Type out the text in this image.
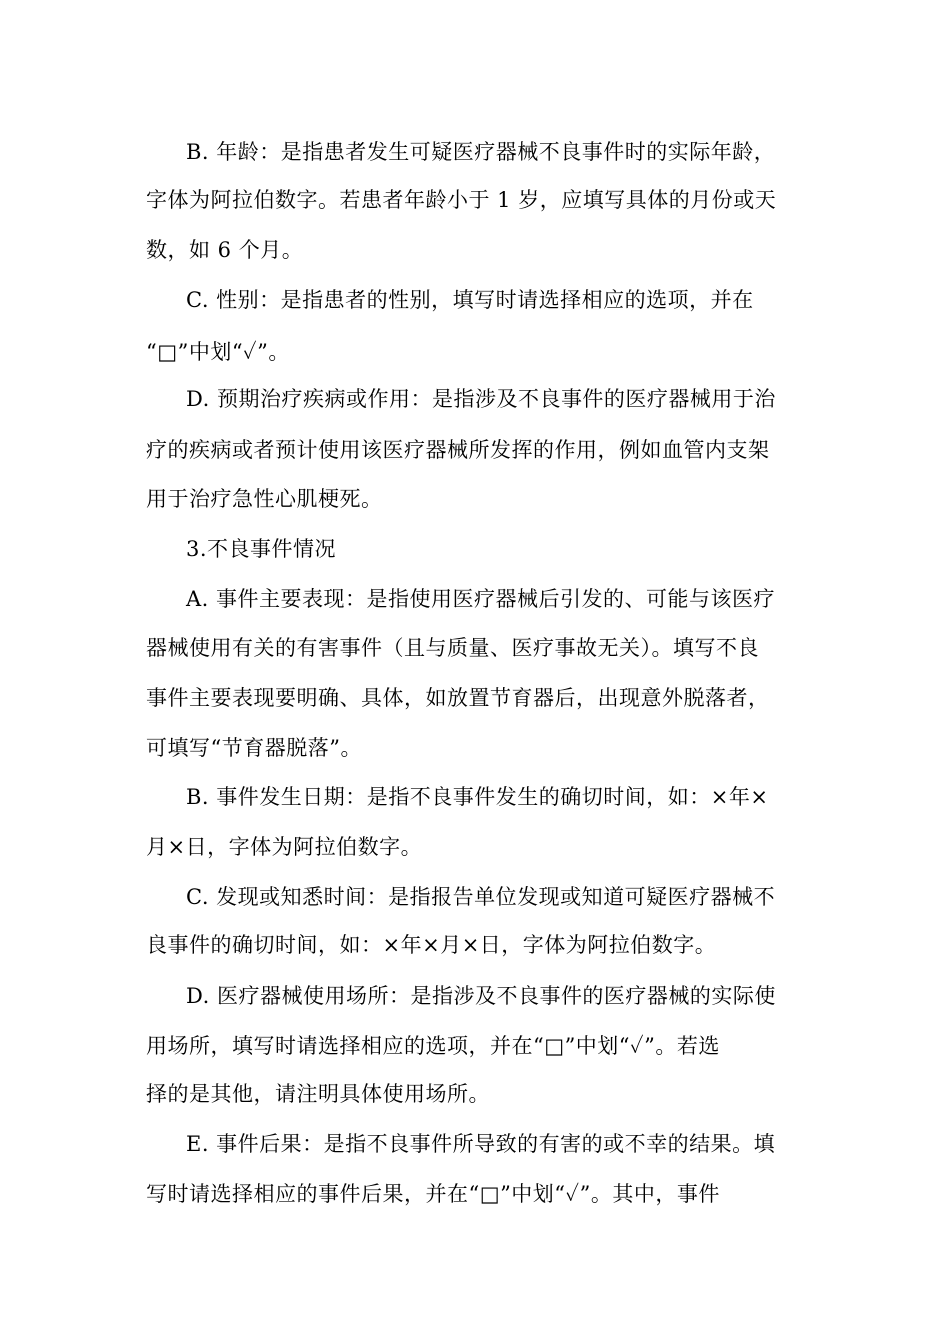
B. 年龄：是指患者发生可疑医疗器械不良事件时的实际年龄，
字体为阿拉伯数字。若患者年龄小于 1 岁，应填写具体的月份或天
数，如 6 个月。
C. 性别：是指患者的性别，填写时请选择相应的选项，并在
“□”中划“✓”。
D. 预期治疗疾病或作用：是指涉及不良事件的医疗器械用于治
疗的疾病或者预计使用该医疗器械所发挥的作用，例如血管内支架
用于治疗急性心肌梗死。
3.不良事件情况
A. 事件主要表现：是指使用医疗器械后引发的、可能与该医疗
器械使用有关的有害事件（且与质量、医疗事故无关）。填写不良
事件主要表现要明确、具体，如放置节育器后，出现意外脱落者，
可填写“节育器脱落”。
B. 事件发生日期：是指不良事件发生的确切时间，如：×年×
月×日，字体为阿拉伯数字。
C. 发现或知悉时间：是指报告单位发现或知道可疑医疗器械不
良事件的确切时间，如：×年×月×日，字体为阿拉伯数字。
D. 医疗器械使用场所：是指涉及不良事件的医疗器械的实际使
用场所，填写时请选择相应的选项，并在“□”中划“✓”。若选
择的是其他，请注明具体使用场所。
E. 事件后果：是指不良事件所导致的有害的或不幸的结果。填
写时请选择相应的事件后果，并在“□”中划“✓”。其中，事件
